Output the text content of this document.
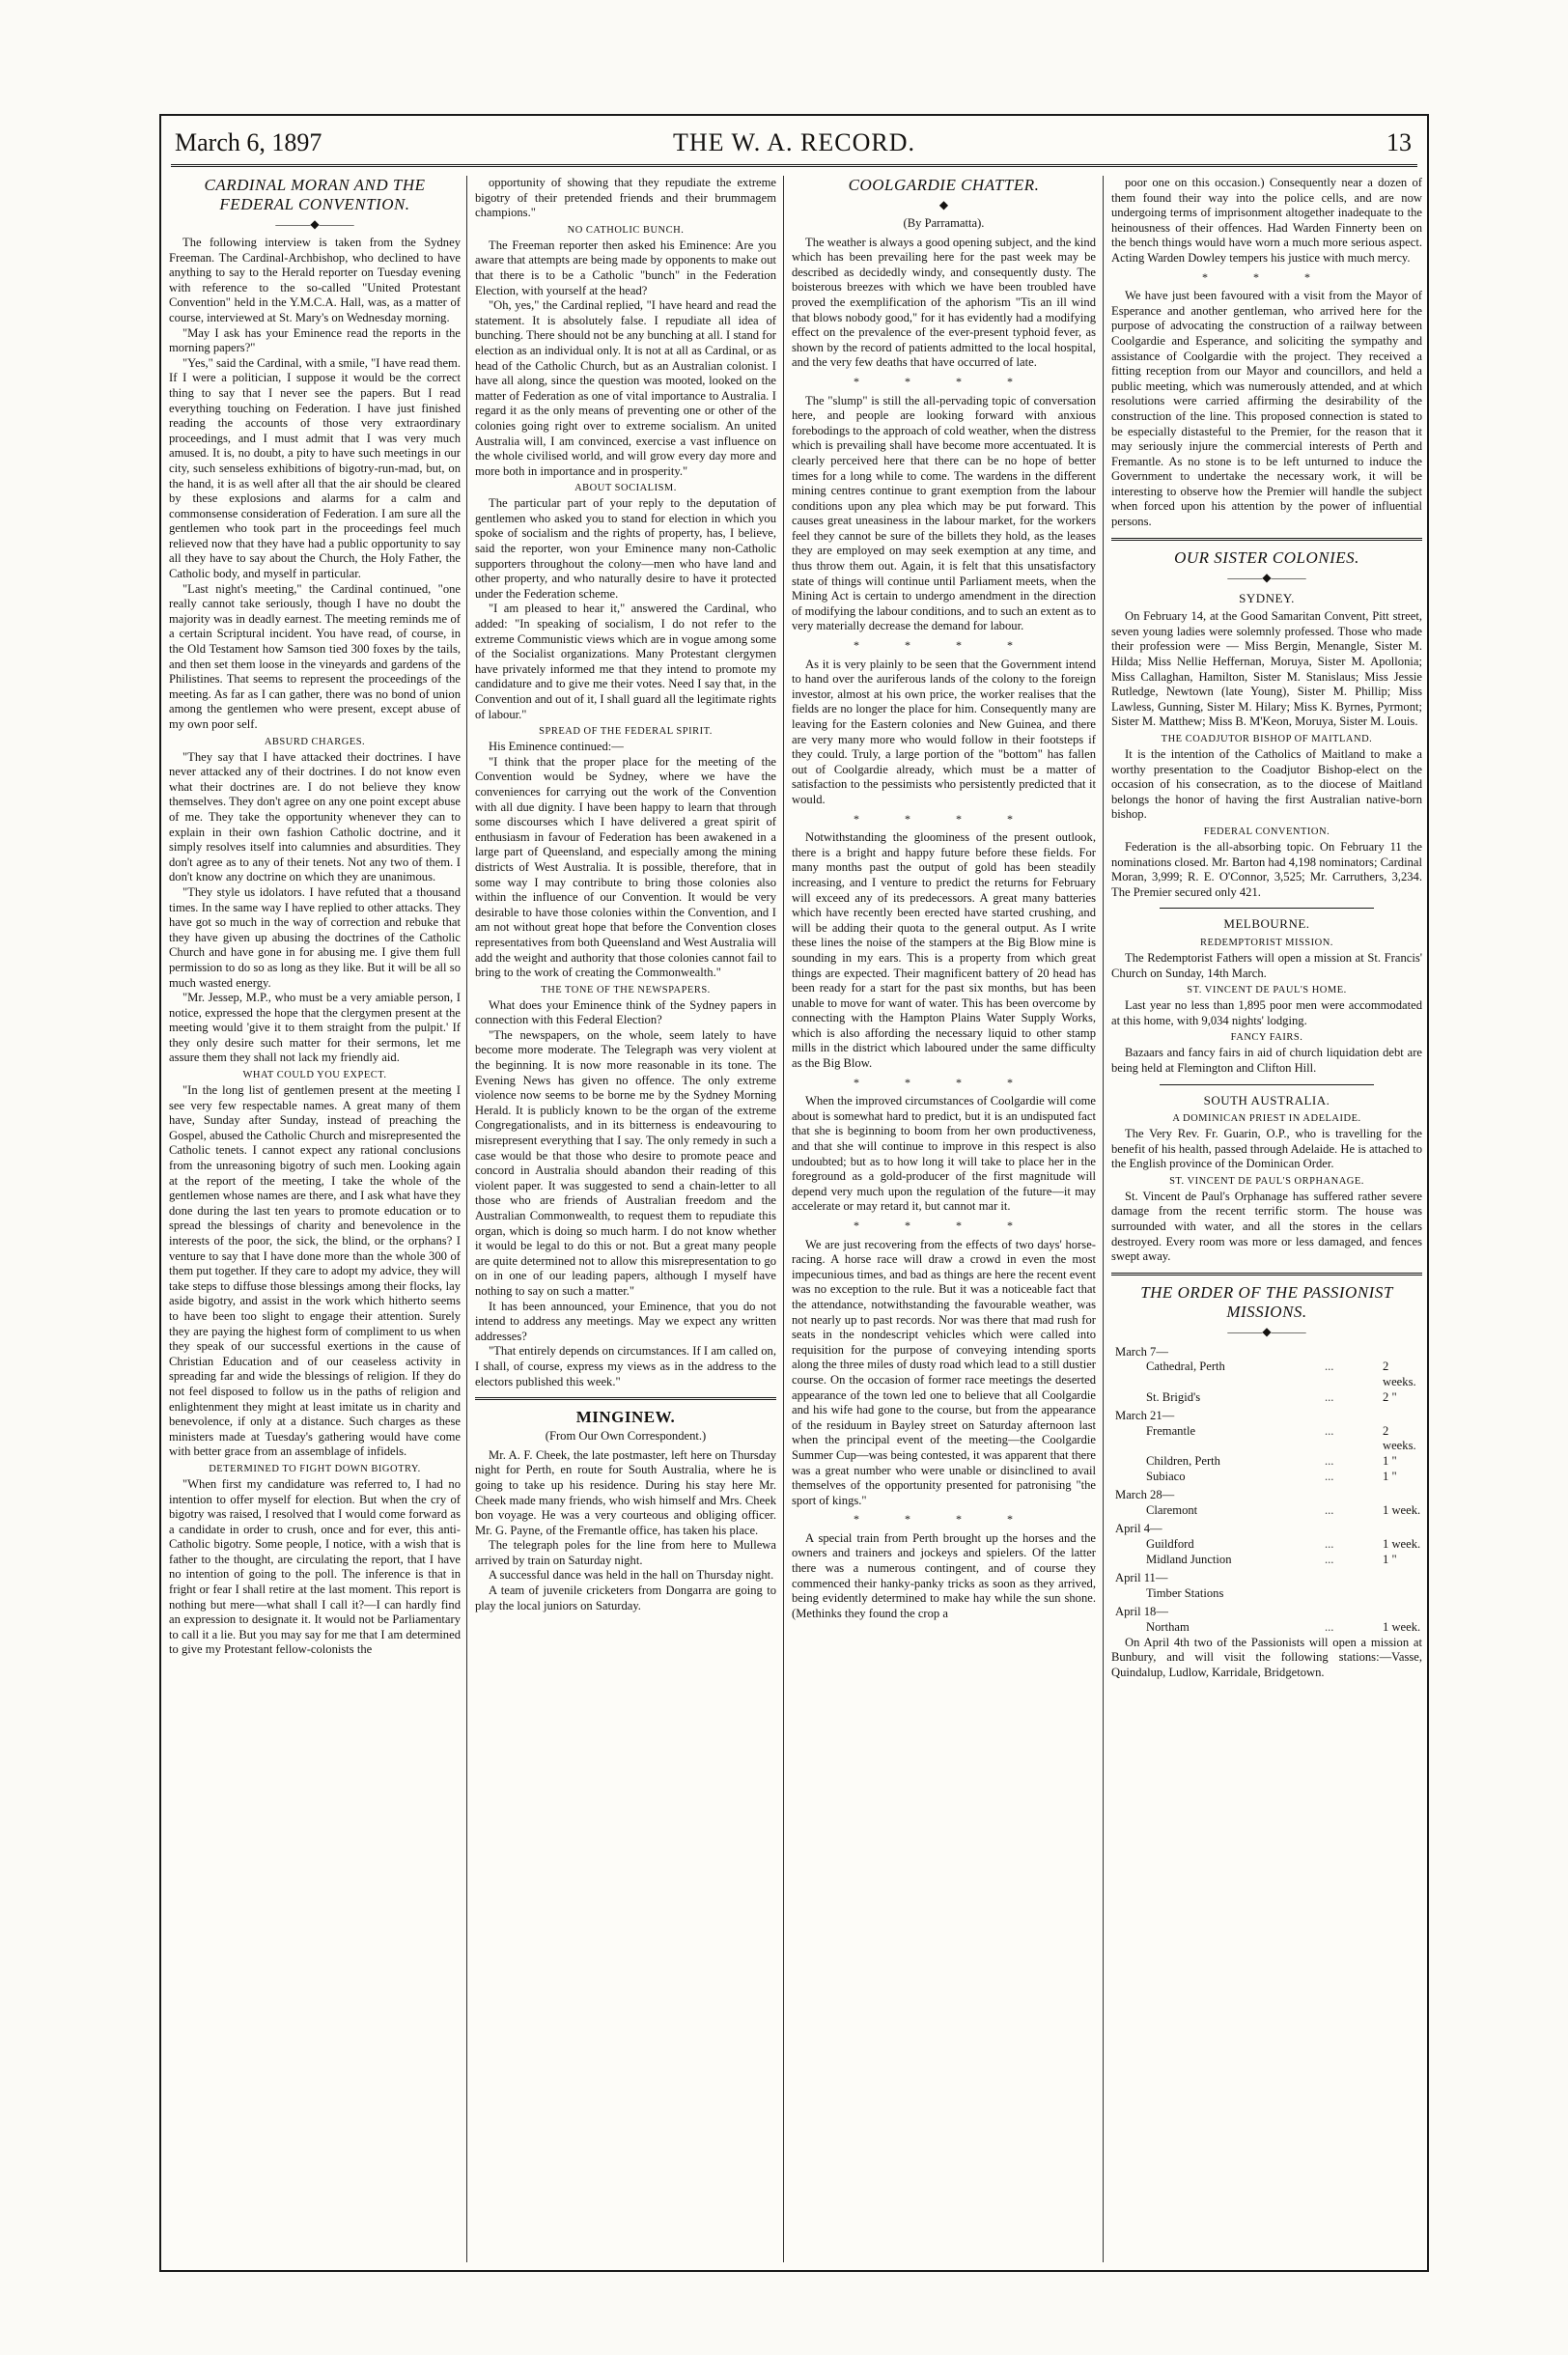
March 6, 1897	THE W. A. RECORD.	13
CARDINAL MORAN AND THE FEDERAL CONVENTION.
———◆———

The following interview is taken from the Sydney Freeman. The Cardinal-Archbishop, who declined to have anything to say to the Herald reporter on Tuesday evening with reference to the so-called "United Protestant Convention" held in the Y.M.C.A. Hall, was, as a matter of course, interviewed at St. Mary's on Wednesday morning.

"May I ask has your Eminence read the reports in the morning papers?"

"Yes," said the Cardinal, with a smile, "I have read them. If I were a politician, I suppose it would be the correct thing to say that I never see the papers. But I read everything touching on Federation. I have just finished reading the accounts of those very extraordinary proceedings, and I must admit that I was very much amused. It is, no doubt, a pity to have such meetings in our city, such senseless exhibitions of bigotry-run-mad, but, on the hand, it is as well after all that the air should be cleared by these explosions and alarms for a calm and commonsense consideration of Federation. I am sure all the gentlemen who took part in the proceedings feel much relieved now that they have had a public opportunity to say all they have to say about the Church, the Holy Father, the Catholic body, and myself in particular.

"Last night's meeting," the Cardinal continued, "one really cannot take seriously, though I have no doubt the majority was in deadly earnest. The meeting reminds me of a certain Scriptural incident. You have read, of course, in the Old Testament how Samson tied 300 foxes by the tails, and then set them loose in the vineyards and gardens of the Philistines. That seems to represent the proceedings of the meeting. As far as I can gather, there was no bond of union among the gentlemen who were present, except abuse of my own poor self.

ABSURD CHARGES.

"They say that I have attacked their doctrines. I have never attacked any of their doctrines. I do not know even what their doctrines are. I do not believe they know themselves. They don't agree on any one point except abuse of me. They take the opportunity whenever they can to explain in their own fashion Catholic doctrine, and it simply resolves itself into calumnies and absurdities. They don't agree as to any of their tenets. Not any two of them. I don't know any doctrine on which they are unanimous.

"They style us idolators. I have refuted that a thousand times. In the same way I have replied to other attacks. They have got so much in the way of correction and rebuke that they have given up abusing the doctrines of the Catholic Church and have gone in for abusing me. I give them full permission to do so as long as they like. But it will be all so much wasted energy.

"Mr. Jessep, M.P., who must be a very amiable person, I notice, expressed the hope that the clergymen present at the meeting would 'give it to them straight from the pulpit.' If they only desire such matter for their sermons, let me assure them they shall not lack my friendly aid.

WHAT COULD YOU EXPECT.

"In the long list of gentlemen present at the meeting I see very few respectable names. A great many of them have, Sunday after Sunday, instead of preaching the Gospel, abused the Catholic Church and misrepresented the Catholic tenets. I cannot expect any rational conclusions from the unreasoning bigotry of such men. Looking again at the report of the meeting, I take the whole of the gentlemen whose names are there, and I ask what have they done during the last ten years to promote education or to spread the blessings of charity and benevolence in the interests of the poor, the sick, the blind, or the orphans? I venture to say that I have done more than the whole 300 of them put together. If they care to adopt my advice, they will take steps to diffuse those blessings among their flocks, lay aside bigotry, and assist in the work which hitherto seems to have been too slight to engage their attention. Surely they are paying the highest form of compliment to us when they speak of our successful exertions in the cause of Christian Education and of our ceaseless activity in spreading far and wide the blessings of religion. If they do not feel disposed to follow us in the paths of religion and enlightenment they might at least imitate us in charity and benevolence, if only at a distance. Such charges as these ministers made at Tuesday's gathering would have come with better grace from an assemblage of infidels.

DETERMINED TO FIGHT DOWN BIGOTRY.

"When first my candidature was referred to, I had no intention to offer myself for election. But when the cry of bigotry was raised, I resolved that I would come forward as a candidate in order to crush, once and for ever, this anti-Catholic bigotry. Some people, I notice, with a wish that is father to the thought, are circulating the report, that I have no intention of going to the poll. The inference is that in fright or fear I shall retire at the last moment. This report is nothing but mere—what shall I call it?—I can hardly find an expression to designate it. It would not be Parliamentary to call it a lie. But you may say for me that I am determined to give my Protestant fellow-colonists the

opportunity of showing that they repudiate the extreme bigotry of their pretended friends and their brummagem champions."

NO CATHOLIC BUNCH.

The Freeman reporter then asked his Eminence: Are you aware that attempts are being made by opponents to make out that there is to be a Catholic "bunch" in the Federation Election, with yourself at the head?

"Oh, yes," the Cardinal replied, "I have heard and read the statement. It is absolutely false. I repudiate all idea of bunching. There should not be any bunching at all. I stand for election as an individual only. It is not at all as Cardinal, or as head of the Catholic Church, but as an Australian colonist. I have all along, since the question was mooted, looked on the matter of Federation as one of vital importance to Australia. I regard it as the only means of preventing one or other of the colonies going right over to extreme socialism. An united Australia will, I am convinced, exercise a vast influence on the whole civilised world, and will grow every day more and more both in importance and in prosperity."

ABOUT SOCIALISM.

The particular part of your reply to the deputation of gentlemen who asked you to stand for election in which you spoke of socialism and the rights of property, has, I believe, said the reporter, won your Eminence many non-Catholic supporters throughout the colony—men who have land and other property, and who naturally desire to have it protected under the Federation scheme.

"I am pleased to hear it," answered the Cardinal, who added: "In speaking of socialism, I do not refer to the extreme Communistic views which are in vogue among some of the Socialist organizations. Many Protestant clergymen have privately informed me that they intend to promote my candidature and to give me their votes. Need I say that, in the Convention and out of it, I shall guard all the legitimate rights of labour."

SPREAD OF THE FEDERAL SPIRIT.

His Eminence continued:—

"I think that the proper place for the meeting of the Convention would be Sydney, where we have the conveniences for carrying out the work of the Convention with all due dignity. I have been happy to learn that through some discourses which I have delivered a great spirit of enthusiasm in favour of Federation has been awakened in a large part of Queensland, and especially among the mining districts of West Australia. It is possible, therefore, that in some way I may contribute to bring those colonies also within the influence of our Convention. It would be very desirable to have those colonies within the Convention, and I am not without great hope that before the Convention closes representatives from both Queensland and West Australia will add the weight and authority that those colonies cannot fail to bring to the work of creating the Commonwealth."

THE TONE OF THE NEWSPAPERS.

What does your Eminence think of the Sydney papers in connection with this Federal Election?

"The newspapers, on the whole, seem lately to have become more moderate. The Telegraph was very violent at the beginning. It is now more reasonable in its tone. The Evening News has given no offence. The only extreme violence now seems to be borne me by the Sydney Morning Herald. It is publicly known to be the organ of the extreme Congregationalists, and in its bitterness is endeavouring to misrepresent everything that I say. The only remedy in such a case would be that those who desire to promote peace and concord in Australia should abandon their reading of this violent paper. It was suggested to send a chain-letter to all those who are friends of Australian freedom and the Australian Commonwealth, to request them to repudiate this organ, which is doing so much harm. I do not know whether it would be legal to do this or not. But a great many people are quite determined not to allow this misrepresentation to go on in one of our leading papers, although I myself have nothing to say on such a matter."

It has been announced, your Eminence, that you do not intend to address any meetings. May we expect any written addresses?

"That entirely depends on circumstances. If I am called on, I shall, of course, express my views as in the address to the electors published this week."

MINGINEW.

(From Our Own Correspondent.)

Mr. A. F. Cheek, the late postmaster, left here on Thursday night for Perth, en route for South Australia, where he is going to take up his residence. During his stay here Mr. Cheek made many friends, who wish himself and Mrs. Cheek bon voyage. He was a very courteous and obliging officer. Mr. G. Payne, of the Fremantle office, has taken his place.

The telegraph poles for the line from here to Mullewa arrived by train on Saturday night.

A successful dance was held in the hall on Thursday night.

A team of juvenile cricketers from Dongarra are going to play the local juniors on Saturday.

COOLGARDIE CHATTER.
◆

(By Parramatta).

The weather is always a good opening subject, and the kind which has been prevailing here for the past week may be described as decidedly windy, and consequently dusty. The boisterous breezes with which we have been troubled have proved the exemplification of the aphorism "Tis an ill wind that blows nobody good," for it has evidently had a modifying effect on the prevalence of the ever-present typhoid fever, as shown by the record of patients admitted to the local hospital, and the very few deaths that have occurred of late.

* * * *

The "slump" is still the all-pervading topic of conversation here, and people are looking forward with anxious forebodings to the approach of cold weather, when the distress which is prevailing shall have become more accentuated. It is clearly perceived here that there can be no hope of better times for a long while to come. The wardens in the different mining centres continue to grant exemption from the labour conditions upon any plea which may be put forward. This causes great uneasiness in the labour market, for the workers feel they cannot be sure of the billets they hold, as the leases they are employed on may seek exemption at any time, and thus throw them out. Again, it is felt that this unsatisfactory state of things will continue until Parliament meets, when the Mining Act is certain to undergo amendment in the direction of modifying the labour conditions, and to such an extent as to very materially decrease the demand for labour.

* * * *

As it is very plainly to be seen that the Government intend to hand over the auriferous lands of the colony to the foreign investor, almost at his own price, the worker realises that the fields are no longer the place for him. Consequently many are leaving for the Eastern colonies and New Guinea, and there are very many more who would follow in their footsteps if they could. Truly, a large portion of the "bottom" has fallen out of Coolgardie already, which must be a matter of satisfaction to the pessimists who persistently predicted that it would.

* * * *

Notwithstanding the gloominess of the present outlook, there is a bright and happy future before these fields. For many months past the output of gold has been steadily increasing, and I venture to predict the returns for February will exceed any of its predecessors. A great many batteries which have recently been erected have started crushing, and will be adding their quota to the general output. As I write these lines the noise of the stampers at the Big Blow mine is sounding in my ears. This is a property from which great things are expected. Their magnificent battery of 20 head has been ready for a start for the past six months, but has been unable to move for want of water. This has been overcome by connecting with the Hampton Plains Water Supply Works, which is also affording the necessary liquid to other stamp mills in the district which laboured under the same difficulty as the Big Blow.

* * * *

When the improved circumstances of Coolgardie will come about is somewhat hard to predict, but it is an undisputed fact that she is beginning to boom from her own productiveness, and that she will continue to improve in this respect is also undoubted; but as to how long it will take to place her in the foreground as a gold-producer of the first magnitude will depend very much upon the regulation of the future—it may accelerate or may retard it, but cannot mar it.

* * * *

We are just recovering from the effects of two days' horse-racing. A horse race will draw a crowd in even the most impecunious times, and bad as things are here the recent event was no exception to the rule. But it was a noticeable fact that the attendance, notwithstanding the favourable weather, was not nearly up to past records. Nor was there that mad rush for seats in the nondescript vehicles which were called into requisition for the purpose of conveying intending sports along the three miles of dusty road which lead to a still dustier course. On the occasion of former race meetings the deserted appearance of the town led one to believe that all Coolgardie and his wife had gone to the course, but from the appearance of the residuum in Bayley street on Saturday afternoon last when the principal event of the meeting—the Coolgardie Summer Cup—was being contested, it was apparent that there was a great number who were unable or disinclined to avail themselves of the opportunity presented for patronising "the sport of kings."

* * * *

A special train from Perth brought up the horses and the owners and trainers and jockeys and spielers. Of the latter there was a numerous contingent, and of course they commenced their hanky-panky tricks as soon as they arrived, being evidently determined to make hay while the sun shone. (Methinks they found the crop a

poor one on this occasion.) Consequently near a dozen of them found their way into the police cells, and are now undergoing terms of imprisonment altogether inadequate to the heinousness of their offences. Had Warden Finnerty been on the bench things would have worn a much more serious aspect. Acting Warden Dowley tempers his justice with much mercy.

* * *

We have just been favoured with a visit from the Mayor of Esperance and another gentleman, who arrived here for the purpose of advocating the construction of a railway between Coolgardie and Esperance, and soliciting the sympathy and assistance of Coolgardie with the project. They received a fitting reception from our Mayor and councillors, and held a public meeting, which was numerously attended, and at which resolutions were carried affirming the desirability of the construction of the line. This proposed connection is stated to be especially distasteful to the Premier, for the reason that it may seriously injure the commercial interests of Perth and Fremantle. As no stone is to be left unturned to induce the Government to undertake the necessary work, it will be interesting to observe how the Premier will handle the subject when forced upon his attention by the power of influential persons.

OUR SISTER COLONIES.
———◆———
SYDNEY.

On February 14, at the Good Samaritan Convent, Pitt street, seven young ladies were solemnly professed. Those who made their profession were — Miss Bergin, Menangle, Sister M. Hilda; Miss Nellie Heffernan, Moruya, Sister M. Apollonia; Miss Callaghan, Hamilton, Sister M. Stanislaus; Miss Jessie Rutledge, Newtown (late Young), Sister M. Phillip; Miss Lawless, Gunning, Sister M. Hilary; Miss K. Byrnes, Pyrmont; Sister M. Matthew; Miss B. M'Keon, Moruya, Sister M. Louis.

THE COADJUTOR BISHOP OF MAITLAND.

It is the intention of the Catholics of Maitland to make a worthy presentation to the Coadjutor Bishop-elect on the occasion of his consecration, as to the diocese of Maitland belongs the honor of having the first Australian native-born bishop.

FEDERAL CONVENTION.

Federation is the all-absorbing topic. On February 11 the nominations closed. Mr. Barton had 4,198 nominators; Cardinal Moran, 3,999; R. E. O'Connor, 3,525; Mr. Carruthers, 3,234. The Premier secured only 421.

MELBOURNE.
REDEMPTORIST MISSION.

The Redemptorist Fathers will open a mission at St. Francis' Church on Sunday, 14th March.

ST. VINCENT DE PAUL'S HOME.

Last year no less than 1,895 poor men were accommodated at this home, with 9,034 nights' lodging.

FANCY FAIRS.

Bazaars and fancy fairs in aid of church liquidation debt are being held at Flemington and Clifton Hill.

SOUTH AUSTRALIA.
A DOMINICAN PRIEST IN ADELAIDE.

The Very Rev. Fr. Guarin, O.P., who is travelling for the benefit of his health, passed through Adelaide. He is attached to the English province of the Dominican Order.

ST. VINCENT DE PAUL'S ORPHANAGE.

St. Vincent de Paul's Orphanage has suffered rather severe damage from the recent terrific storm. The house was surrounded with water, and all the stores in the cellars destroyed. Every room was more or less damaged, and fences swept away.

THE ORDER OF THE PASSIONIST MISSIONS.
———◆———
March 7—
Cathedral, Perth	...	2 weeks.
St. Brigid's	...	2 "
March 21—
Fremantle	...	2 weeks.
Children, Perth	...	1 "
Subiaco	...	1 "
March 28—
Claremont	...	1 week.
April 4—
Guildford	...	1 week.
Midland Junction	...	1 "
April 11—
Timber Stations
April 18—
Northam	...	1 week.

On April 4th two of the Passionists will open a mission at Bunbury, and will visit the following stations:—Vasse, Quindalup, Ludlow, Karridale, Bridgetown.
